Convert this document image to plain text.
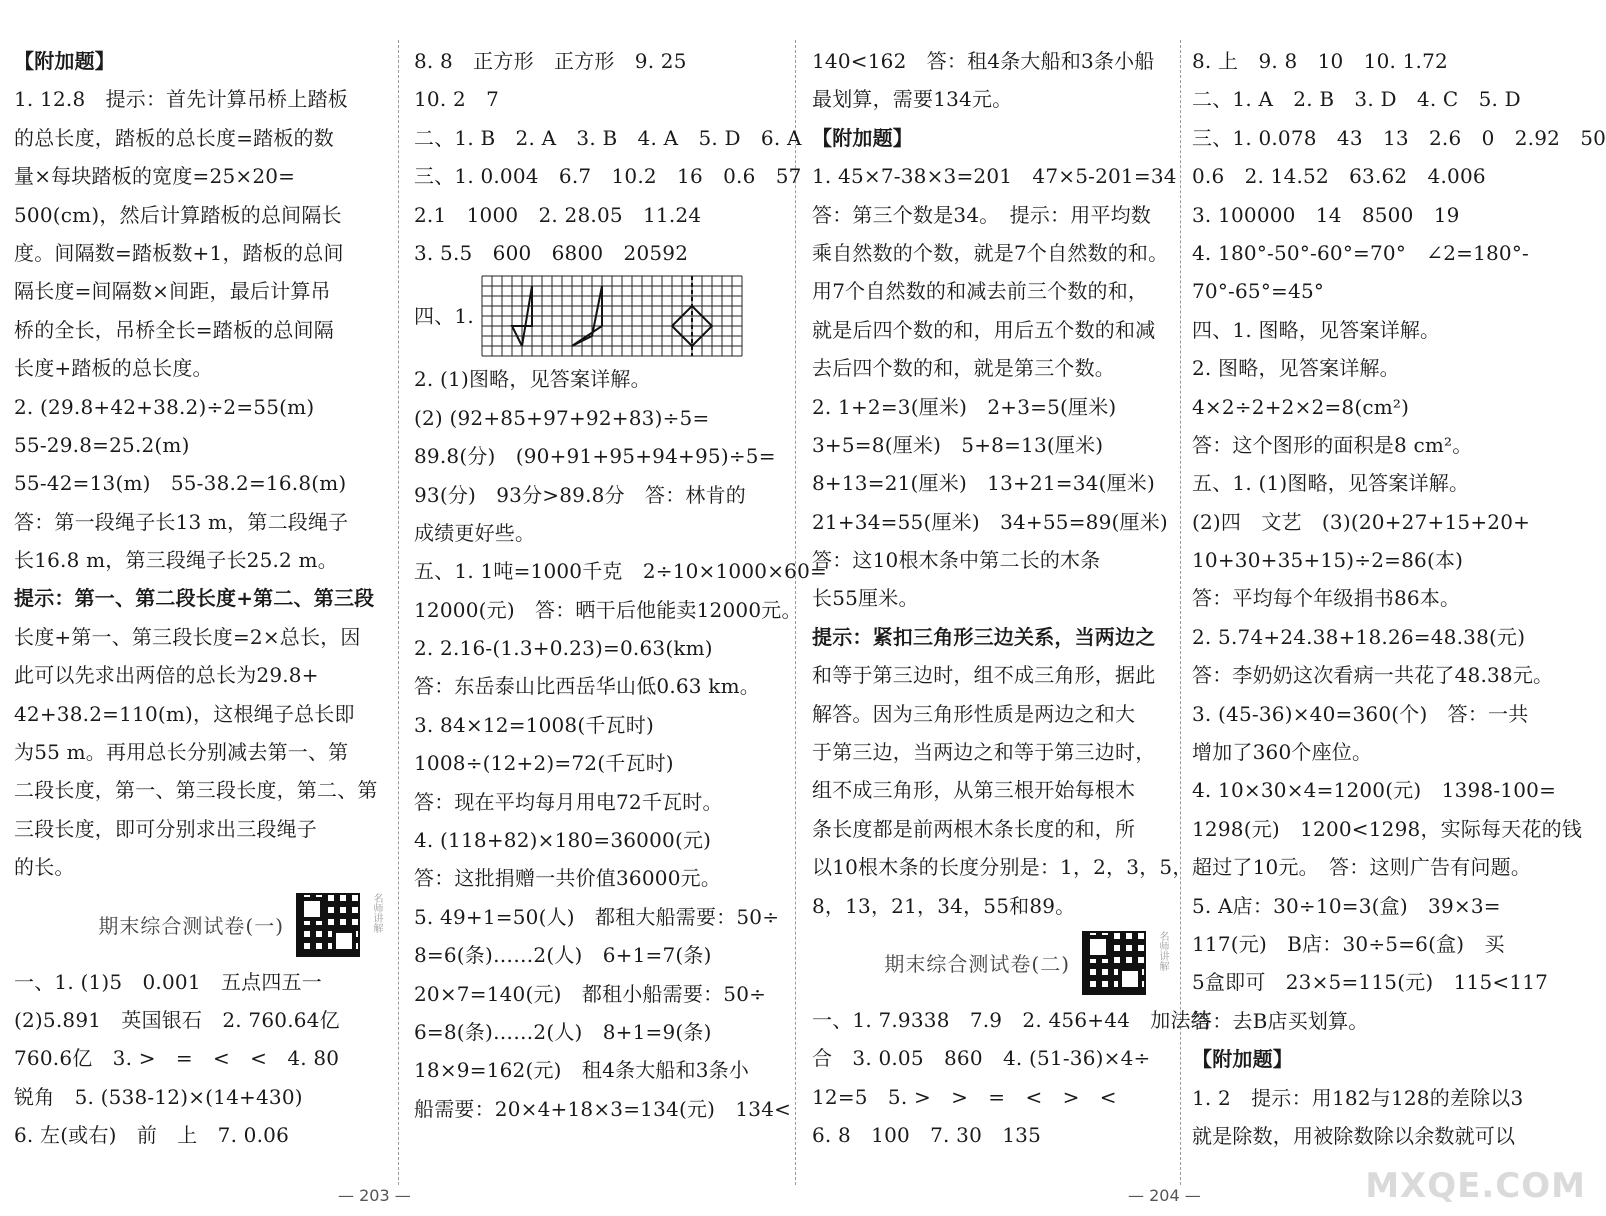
【附加题】
1. 12.8　提示：首先计算吊桥上踏板
的总长度，踏板的总长度=踏板的数
量×每块踏板的宽度=25×20=
500(cm)，然后计算踏板的总间隔长
度。间隔数=踏板数+1，踏板的总间
隔长度=间隔数×间距，最后计算吊
桥的全长，吊桥全长=踏板的总间隔
长度+踏板的总长度。
2. (29.8+42+38.2)÷2=55(m)
55-29.8=25.2(m)
55-42=13(m)　55-38.2=16.8(m)
答：第一段绳子长13 m，第二段绳子
长16.8 m，第三段绳子长25.2 m。
提示：第一、第二段长度+第二、第三段
长度+第一、第三段长度=2×总长，因
此可以先求出两倍的总长为29.8+
42+38.2=110(m)，这根绳子总长即
为55 m。再用总长分别减去第一、第
二段长度，第一、第三段长度，第二、第
三段长度，即可分别求出三段绳子
的长。
期末综合测试卷(一)	名师讲解
一、1. (1)5　0.001　五点四五一
(2)5.891　英国银石　2. 760.64亿
760.6亿　3. >　=　<　<　4. 80
锐角　5. (538-12)×(14+430)
6. 左(或右)　前　上　7. 0.06
8. 8　正方形　正方形　9. 25
10. 2　7
二、1. B　2. A　3. B　4. A　5. D　6. A
三、1. 0.004　6.7　10.2　16　0.6　57
2.1　1000　2. 28.05　11.24
3. 5.5　600　6800　20592
四、1.
2. (1)图略，见答案详解。
(2) (92+85+97+92+83)÷5=
89.8(分)　(90+91+95+94+95)÷5=
93(分)　93分>89.8分　答：林肯的
成绩更好些。
五、1. 1吨=1000千克　2÷10×1000×60=
12000(元)　答：晒干后他能卖12000元。
2. 2.16-(1.3+0.23)=0.63(km)
答：东岳泰山比西岳华山低0.63 km。
3. 84×12=1008(千瓦时)
1008÷(12+2)=72(千瓦时)
答：现在平均每月用电72千瓦时。
4. (118+82)×180=36000(元)
答：这批捐赠一共价值36000元。
5. 49+1=50(人)　都租大船需要：50÷
8=6(条)……2(人)　6+1=7(条)
20×7=140(元)　都租小船需要：50÷
6=8(条)……2(人)　8+1=9(条)
18×9=162(元)　租4条大船和3条小
船需要：20×4+18×3=134(元)　134<
140<162　答：租4条大船和3条小船
最划算，需要134元。
【附加题】
1. 45×7-38×3=201　47×5-201=34
答：第三个数是34。　提示：用平均数
乘自然数的个数，就是7个自然数的和。
用7个自然数的和减去前三个数的和，
就是后四个数的和，用后五个数的和减
去后四个数的和，就是第三个数。
2. 1+2=3(厘米)　2+3=5(厘米)
3+5=8(厘米)　5+8=13(厘米)
8+13=21(厘米)　13+21=34(厘米)
21+34=55(厘米)　34+55=89(厘米)
答：这10根木条中第二长的木条
长55厘米。
提示：紧扣三角形三边关系，当两边之
和等于第三边时，组不成三角形，据此
解答。因为三角形性质是两边之和大
于第三边，当两边之和等于第三边时，
组不成三角形，从第三根开始每根木
条长度都是前两根木条长度的和，所
以10根木条的长度分别是：1，2，3，5，
8，13，21，34，55和89。
期末综合测试卷(二)	名师讲解
一、1. 7.9338　7.9　2. 456+44　加法结
合　3. 0.05　860　4. (51-36)×4÷
12=5　5. >　>　=　<　>　<
6. 8　100　7. 30　135
8. 上　9. 8　10　10. 1.72
二、1. A　2. B　3. D　4. C　5. D
三、1. 0.078　43　13　2.6　0　2.92　50
0.6　2. 14.52　63.62　4.006
3. 100000　14　8500　19
4. 180°-50°-60°=70°　∠2=180°-
70°-65°=45°
四、1. 图略，见答案详解。
2. 图略，见答案详解。
4×2÷2+2×2=8(cm²)
答：这个图形的面积是8 cm²。
五、1. (1)图略，见答案详解。
(2)四　文艺　(3)(20+27+15+20+
10+30+35+15)÷2=86(本)
答：平均每个年级捐书86本。
2. 5.74+24.38+18.26=48.38(元)
答：李奶奶这次看病一共花了48.38元。
3. (45-36)×40=360(个)　答：一共
增加了360个座位。
4. 10×30×4=1200(元)　1398-100=
1298(元)　1200<1298，实际每天花的钱
超过了10元。　答：这则广告有问题。
5. A店：30÷10=3(盒)　39×3=
117(元)　B店：30÷5=6(盒)　买
5盒即可　23×5=115(元)　115<117
答：去B店买划算。
【附加题】
1. 2　提示：用182与128的差除以3
就是除数，用被除数除以余数就可以
— 203 —	— 204 —	MXQE.COM
